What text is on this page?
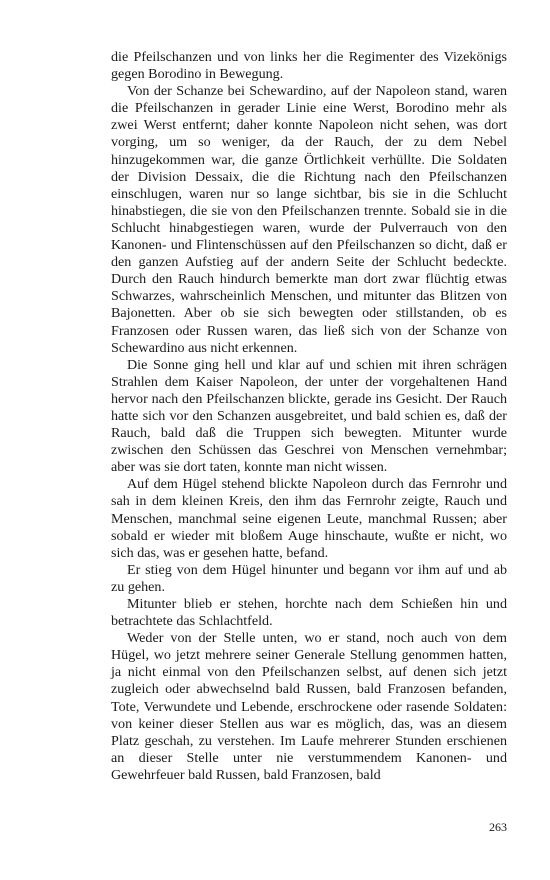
die Pfeilschanzen und von links her die Regimenter des Vizekönigs gegen Borodino in Bewegung.

Von der Schanze bei Schewardino, auf der Napoleon stand, waren die Pfeilschanzen in gerader Linie eine Werst, Borodino mehr als zwei Werst entfernt; daher konnte Napoleon nicht sehen, was dort vorging, um so weniger, da der Rauch, der zu dem Nebel hinzugekommen war, die ganze Örtlichkeit verhüllte. Die Soldaten der Division Dessaix, die die Richtung nach den Pfeilschanzen einschlugen, waren nur so lange sichtbar, bis sie in die Schlucht hinabstiegen, die sie von den Pfeilschanzen trennte. Sobald sie in die Schlucht hinabgestiegen waren, wurde der Pulverrauch von den Kanonen- und Flintenschüssen auf den Pfeilschanzen so dicht, daß er den ganzen Aufstieg auf der andern Seite der Schlucht bedeckte. Durch den Rauch hindurch bemerkte man dort zwar flüchtig etwas Schwarzes, wahrscheinlich Menschen, und mitunter das Blitzen von Bajonetten. Aber ob sie sich bewegten oder stillstanden, ob es Franzosen oder Russen waren, das ließ sich von der Schanze von Schewardino aus nicht erkennen.

Die Sonne ging hell und klar auf und schien mit ihren schrägen Strahlen dem Kaiser Napoleon, der unter der vorgehaltenen Hand hervor nach den Pfeilschanzen blickte, gerade ins Gesicht. Der Rauch hatte sich vor den Schanzen ausgebreitet, und bald schien es, daß der Rauch, bald daß die Truppen sich bewegten. Mitunter wurde zwischen den Schüssen das Geschrei von Menschen vernehmbar; aber was sie dort taten, konnte man nicht wissen.

Auf dem Hügel stehend blickte Napoleon durch das Fernrohr und sah in dem kleinen Kreis, den ihm das Fernrohr zeigte, Rauch und Menschen, manchmal seine eigenen Leute, manchmal Russen; aber sobald er wieder mit bloßem Auge hinschaute, wußte er nicht, wo sich das, was er gesehen hatte, befand.

Er stieg von dem Hügel hinunter und begann vor ihm auf und ab zu gehen.

Mitunter blieb er stehen, horchte nach dem Schießen hin und betrachtete das Schlachtfeld.

Weder von der Stelle unten, wo er stand, noch auch von dem Hügel, wo jetzt mehrere seiner Generale Stellung genommen hatten, ja nicht einmal von den Pfeilschanzen selbst, auf denen sich jetzt zugleich oder abwechselnd bald Russen, bald Franzosen befanden, Tote, Verwundete und Lebende, erschrockene oder rasende Soldaten: von keiner dieser Stellen aus war es möglich, das, was an diesem Platz geschah, zu verstehen. Im Laufe mehrerer Stunden erschienen an dieser Stelle unter nie verstummendem Kanonen- und Gewehrfeuer bald Russen, bald Franzosen, bald

263
